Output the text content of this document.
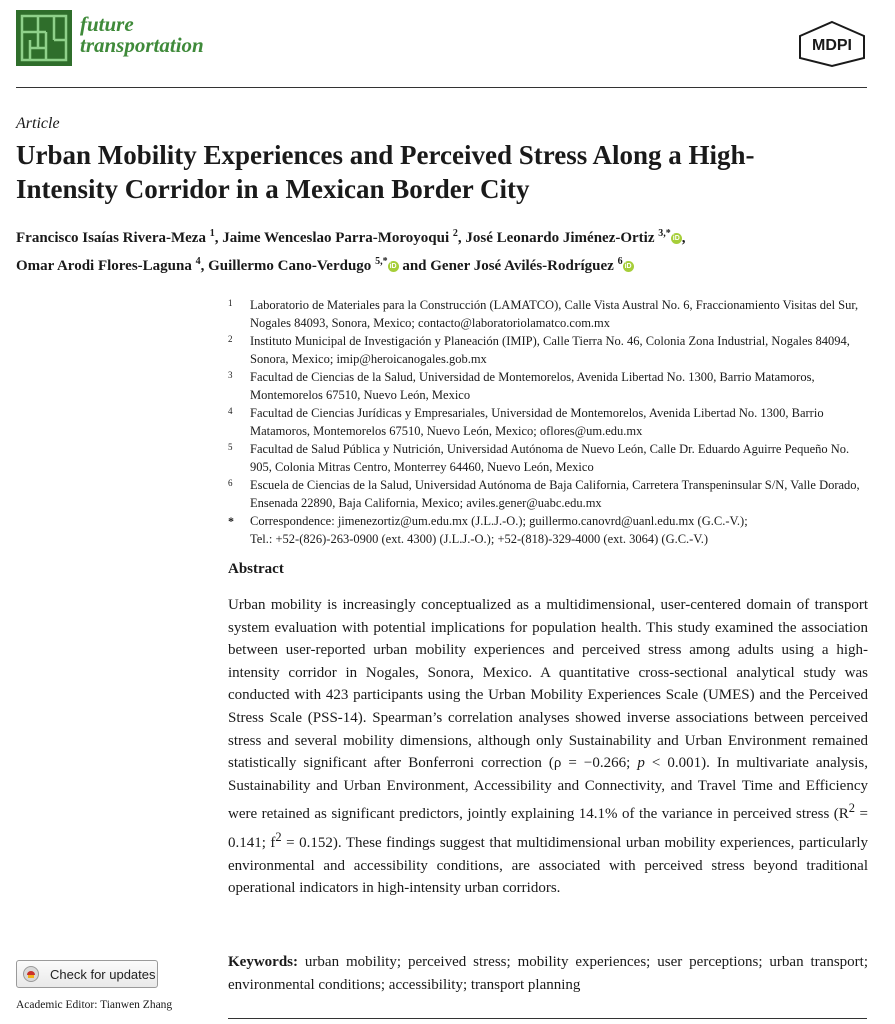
future
transportation	MDPI
Article
Urban Mobility Experiences and Perceived Stress Along a High-Intensity Corridor in a Mexican Border City
Francisco Isaías Rivera-Meza $^1$, Jaime Wenceslao Parra-Moroyoqui $^2$, José Leonardo Jiménez-Ortiz $^{3,*}$ iD ,
Omar Arodi Flores-Laguna $^4$, Guillermo Cano-Verdugo $^{5,*}$ iD and Gener José Avilés-Rodríguez $^6$ iD
1 Laboratorio de Materiales para la Construcción (LAMATCO), Calle Vista Austral No. 6, Fraccionamiento Visitas del Sur, Nogales 84093, Sonora, Mexico; contacto@laboratoriolamatco.com.mx
2 Instituto Municipal de Investigación y Planeación (IMIP), Calle Tierra No. 46, Colonia Zona Industrial, Nogales 84094, Sonora, Mexico; imip@heroicanogales.gob.mx
3 Facultad de Ciencias de la Salud, Universidad de Montemorelos, Avenida Libertad No. 1300, Barrio Matamoros, Montemorelos 67510, Nuevo León, Mexico
4 Facultad de Ciencias Jurídicas y Empresariales, Universidad de Montemorelos, Avenida Libertad No. 1300, Barrio Matamoros, Montemorelos 67510, Nuevo León, Mexico; oflores@um.edu.mx
5 Facultad de Salud Pública y Nutrición, Universidad Autónoma de Nuevo León, Calle Dr. Eduardo Aguirre Pequeño No. 905, Colonia Mitras Centro, Monterrey 64460, Nuevo León, Mexico
6 Escuela de Ciencias de la Salud, Universidad Autónoma de Baja California, Carretera Transpeninsular S/N, Valle Dorado, Ensenada 22890, Baja California, Mexico; aviles.gener@uabc.edu.mx
* Correspondence: jimenezortiz@um.edu.mx (J.L.J.-O.); guillermo.canovrd@uanl.edu.mx (G.C.-V.);
Tel.: +52-(826)-263-0900 (ext. 4300) (J.L.J.-O.); +52-(818)-329-4000 (ext. 3064) (G.C.-V.)
Abstract

Urban mobility is increasingly conceptualized as a multidimensional, user-centered domain of transport system evaluation with potential implications for population health. This study examined the association between user-reported urban mobility experiences and perceived stress among adults using a high-intensity corridor in Nogales, Sonora, Mexico. A quantitative cross-sectional analytical study was conducted with 423 participants using the Urban Mobility Experiences Scale (UMES) and the Perceived Stress Scale (PSS-14). Spearman’s correlation analyses showed inverse associations between perceived stress and several mobility dimensions, although only Sustainability and Urban Environment remained statistically significant after Bonferroni correction (ρ = −0.266; p < 0.001). In multivariate analysis, Sustainability and Urban Environment, Accessibility and Connectivity, and Travel Time and Efficiency were retained as significant predictors, jointly explaining 14.1% of the variance in perceived stress ($R^2 = 0.141$; $f^2 = 0.152$). These findings suggest that multidimensional urban mobility experiences, particularly environmental and accessibility conditions, are associated with perceived stress beyond traditional operational indicators in high-intensity urban corridors.

Keywords: urban mobility; perceived stress; mobility experiences; user perceptions; urban transport; environmental conditions; accessibility; transport planning
Check for updates
Academic Editor: Tianwen Zhang
